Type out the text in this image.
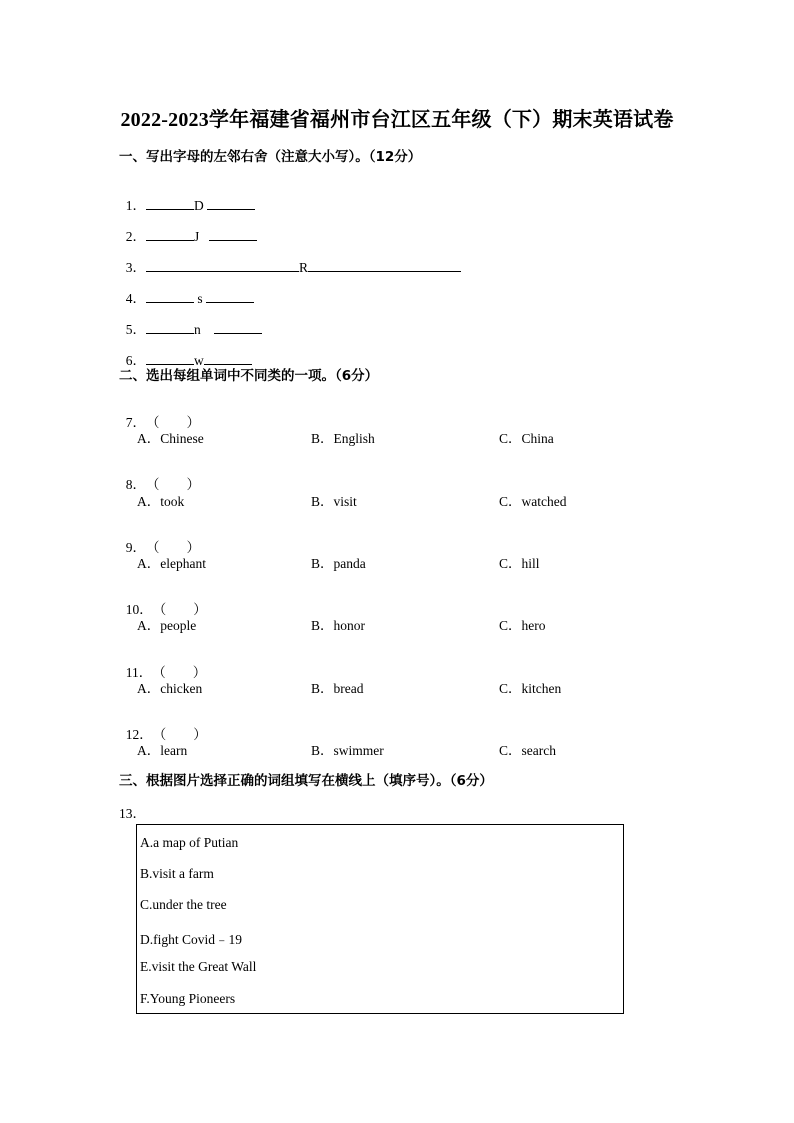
2022-2023学年福建省福州市台江区五年级（下）期末英语试卷
一、写出字母的左邻右舍（注意大小写）。（12分）

1．	D

2．	J

3．	R

4．	s

5．	n

6．	w

二、选出每组单词中不同类的一项。（6分）

7．（　　）

A．Chinese	B．English	C．China

8．（　　）

A．took	B．visit	C．watched

9．（　　）

A．elephant	B．panda	C．hill

10．（　　）

A．people	B．honor	C．hero

11．（　　）

A．chicken	B．bread	C．kitchen

12．（　　）

A．learn	B．swimmer	C．search
三、根据图片选择正确的词组填写在横线上（填序号）。（6分）
13．
A.a map of Putian
B.visit a farm
C.under the tree
D.fight Covid﹣19
E.visit the Great Wall
F.Young Pioneers
